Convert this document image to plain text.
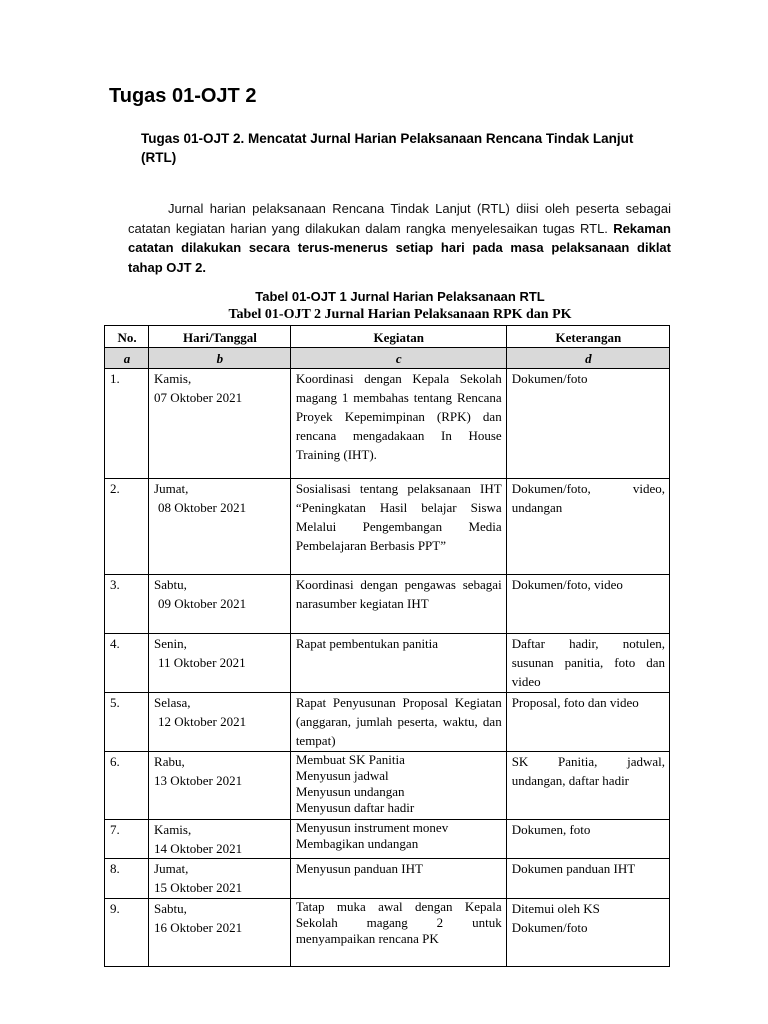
Tugas 01-OJT 2

Tugas 01-OJT 2. Mencatat Jurnal Harian Pelaksanaan Rencana Tindak Lanjut (RTL)

Jurnal harian pelaksanaan Rencana Tindak Lanjut (RTL) diisi oleh peserta sebagai catatan kegiatan harian yang dilakukan dalam rangka menyelesaikan tugas RTL. Rekaman catatan dilakukan secara terus-menerus setiap hari pada masa pelaksanaan diklat tahap OJT 2.

Tabel 01-OJT 1 Jurnal Harian Pelaksanaan RTL
Tabel 01-OJT 2 Jurnal Harian Pelaksanaan RPK dan PK
No.	Hari/Tanggal	Kegiatan	Keterangan
a	b	c	d
1.	Kamis,
07 Oktober 2021	Koordinasi dengan Kepala Sekolah magang 1 membahas tentang Rencana Proyek Kepemimpinan (RPK) dan rencana mengadakaan In House Training (IHT).	Dokumen/foto

2.	Jumat,
08 Oktober 2021	Sosialisasi tentang pelaksanaan IHT “Peningkatan Hasil belajar Siswa Melalui Pengembangan Media Pembelajaran Berbasis PPT”	Dokumen/foto, video, undangan

3.	Sabtu,
09 Oktober 2021	Koordinasi dengan pengawas sebagai narasumber kegiatan IHT	Dokumen/foto, video

4.	Senin,
11 Oktober 2021	Rapat pembentukan panitia	Daftar hadir, notulen, susunan panitia, foto dan video

5.	Selasa,
12 Oktober 2021	Rapat Penyusunan Proposal Kegiatan (anggaran, jumlah peserta, waktu, dan tempat)	Proposal, foto dan video

6.	Rabu,
13 Oktober 2021	Membuat SK Panitia
Menyusun jadwal
Menyusun undangan
Menyusun daftar hadir	SK Panitia, jadwal, undangan, daftar hadir

7.	Kamis,
14 Oktober 2021	Menyusun instrument monev
Membagikan undangan	Dokumen, foto

8.	Jumat,
15 Oktober 2021	Menyusun panduan IHT	Dokumen panduan IHT

9.	Sabtu,
16 Oktober 2021	Tatap muka awal dengan Kepala Sekolah magang 2 untuk menyampaikan rencana PK	Ditemui oleh KS
Dokumen/foto
